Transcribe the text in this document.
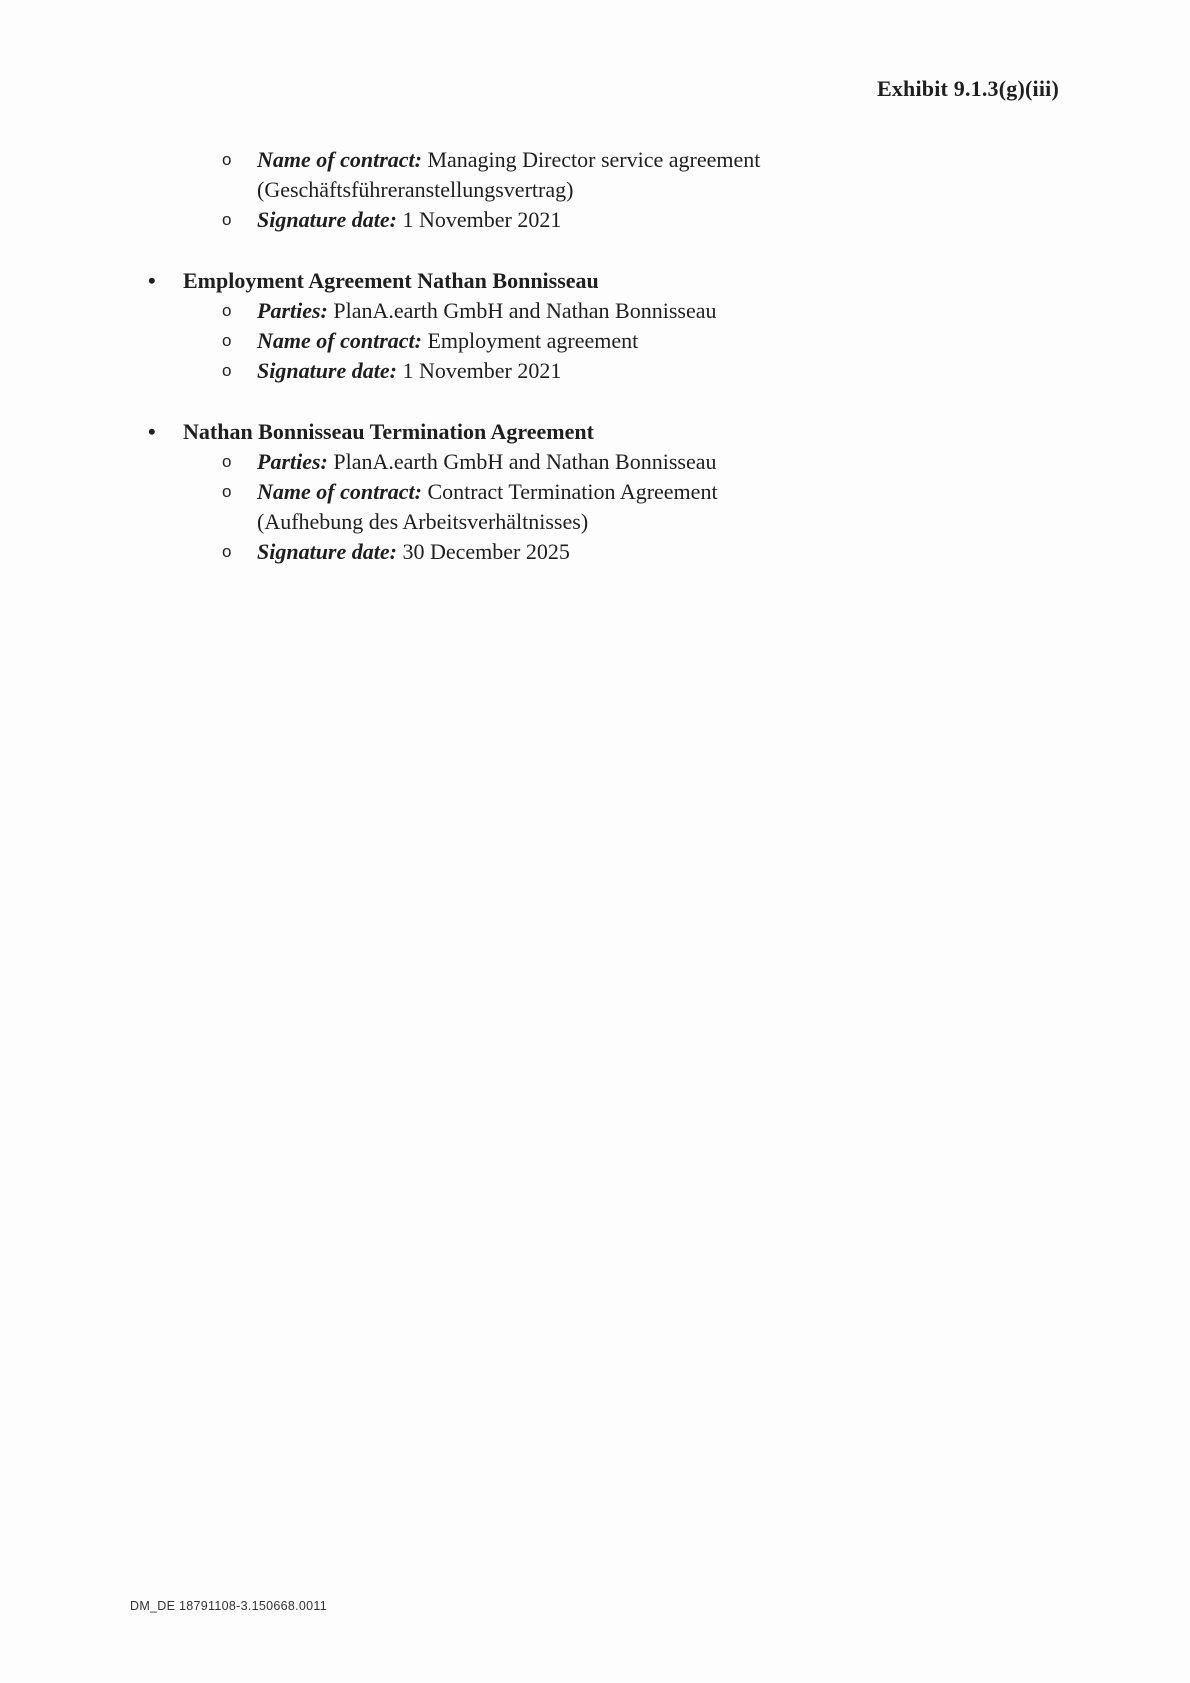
Exhibit 9.1.3(g)(iii)
o Name of contract: Managing Director service agreement
(Geschäftsführeranstellungsvertrag)
o Signature date: 1 November 2021
• Employment Agreement Nathan Bonnisseau
o Parties: PlanA.earth GmbH and Nathan Bonnisseau
o Name of contract: Employment agreement
o Signature date: 1 November 2021
• Nathan Bonnisseau Termination Agreement
o Parties: PlanA.earth GmbH and Nathan Bonnisseau
o Name of contract: Contract Termination Agreement
(Aufhebung des Arbeitsverhältnisses)
o Signature date: 30 December 2025
DM_DE 18791108-3.150668.0011
